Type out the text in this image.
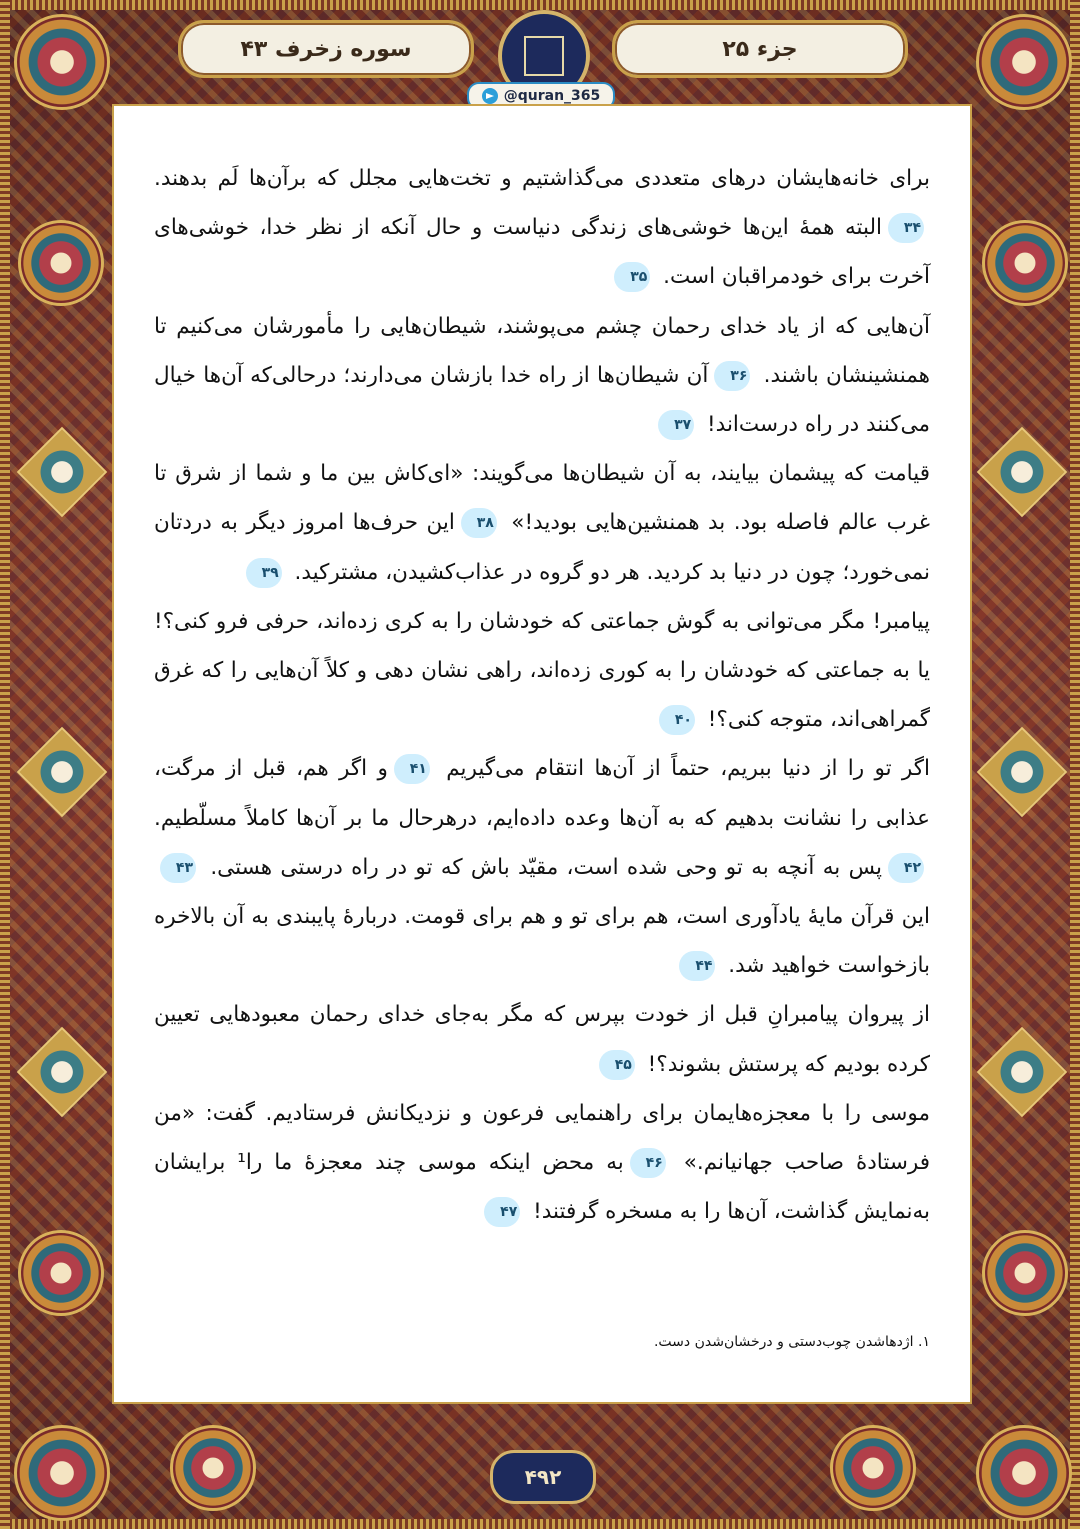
جزء ۲۵
سوره زخرف ۴۳
@quran_365

برای خانه‌هایشان درهای متعددی می‌گذاشتیم و تخت‌هایی مجلل که برآن‌ها لَم بدهند. ۳۴البته همهٔ این‌ها خوشی‌های زندگی دنیاست و حال آنکه از نظر خدا، خوشی‌های آخرت برای خودمراقبان است. ۳۵

آن‌هایی که از یاد خدای رحمان چشم می‌پوشند، شیطان‌هایی را مأمورشان می‌کنیم تا همنشینشان باشند. ۳۶آن شیطان‌ها از راه خدا بازشان می‌دارند؛ درحالی‌که آن‌ها خیال می‌کنند در راه درست‌اند! ۳۷

قیامت که پیشمان بیایند، به آن شیطان‌ها می‌گویند: «ای‌کاش بین ما و شما از شرق تا غرب عالم فاصله بود. بد همنشین‌هایی بودید!» ۳۸این حرف‌ها امروز دیگر به دردتان نمی‌خورد؛ چون در دنیا بد کردید. هر دو گروه در عذاب‌کشیدن، مشترکید. ۳۹

پیامبر! مگر می‌توانی به گوش جماعتی که خودشان را به کری زده‌اند، حرفی فرو کنی؟! یا به جماعتی که خودشان را به کوری زده‌اند، راهی نشان دهی و کلاً آن‌هایی را که غرق گمراهی‌اند، متوجه کنی؟! ۴۰

اگر تو را از دنیا ببریم، حتماً از آن‌ها انتقام می‌گیریم ۴۱و اگر هم، قبل از مرگت، عذابی را نشانت بدهیم که به آن‌ها وعده داده‌ایم، درهرحال ما بر آن‌ها کاملاً مسلّطیم. ۴۲پس به آنچه به تو وحی شده است، مقیّد باش که تو در راه درستی هستی. ۴۳این قرآن مایهٔ یادآوری است، هم برای تو و هم برای قومت. دربارهٔ پایبندی به آن بالاخره بازخواست خواهید شد. ۴۴

از پیروان پیامبرانِ قبل از خودت بپرس که مگر به‌جای خدای رحمان معبودهایی تعیین کرده بودیم که پرستش بشوند؟! ۴۵

موسی را با معجزه‌هایمان برای راهنمایی فرعون و نزدیکانش فرستادیم. گفت: «من فرستادهٔ صاحب جهانیانم.» ۴۶به محض اینکه موسی چند معجزهٔ ما را¹ برایشان به‌نمایش گذاشت، آن‌ها را به مسخره گرفتند! ۴۷

۱. اژدهاشدن چوب‌دستی و درخشان‌شدن دست.
۴۹۲
